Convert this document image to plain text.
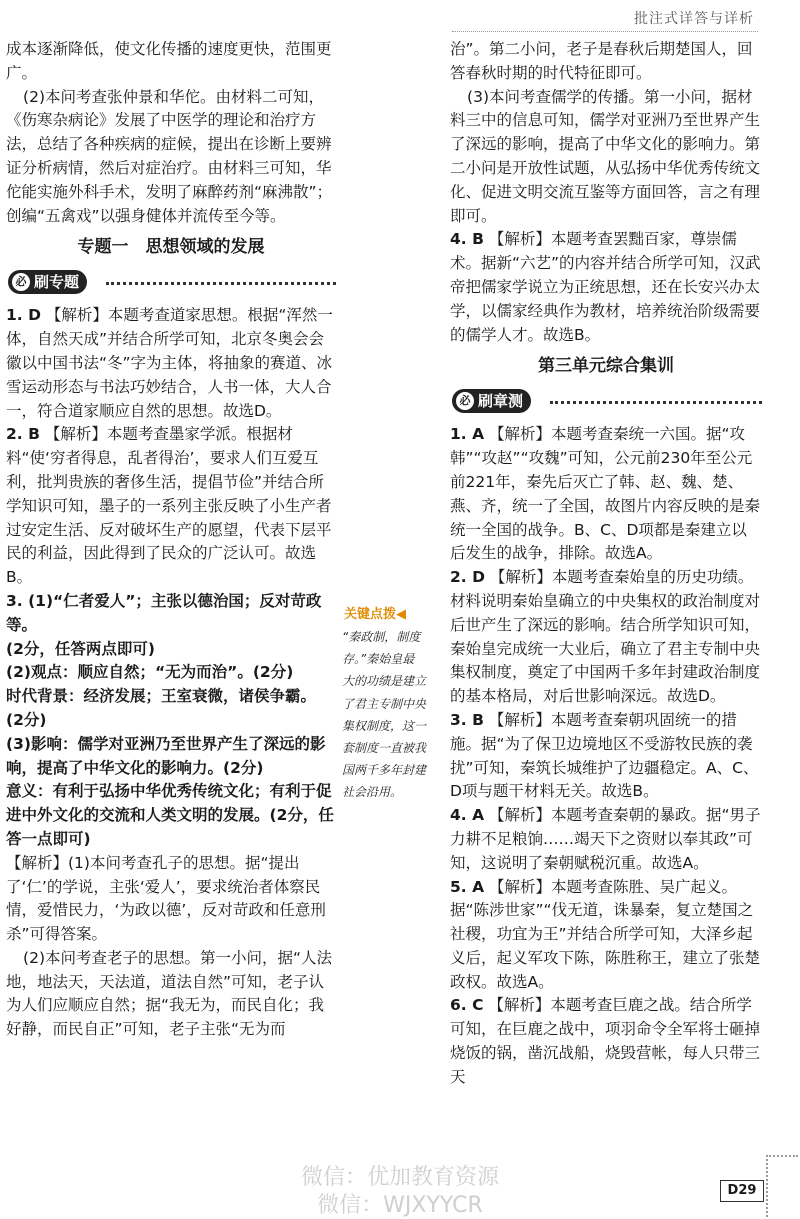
批注式详答与详析

成本逐渐降低，使文化传播的速度更快，范围更广。

(2)本问考查张仲景和华佗。由材料二可知，《伤寒杂病论》发展了中医学的理论和治疗方法，总结了各种疾病的症候，提出在诊断上要辨证分析病情，然后对症治疗。由材料三可知，华佗能实施外科手术，发明了麻醉药剂“麻沸散”；创编“五禽戏”以强身健体并流传至今等。

专题一　思想领域的发展
必 刷专题

1. D 【解析】本题考查道家思想。根据“浑然一体，自然天成”并结合所学可知，北京冬奥会会徽以中国书法“冬”字为主体，将抽象的赛道、冰雪运动形态与书法巧妙结合，人书一体，大人合一，符合道家顺应自然的思想。故选D。

2. B 【解析】本题考查墨家学派。根据材料“使‘穷者得息，乱者得治’，要求人们互爱互利，批判贵族的奢侈生活，提倡节俭”并结合所学知识可知，墨子的一系列主张反映了小生产者过安定生活、反对破坏生产的愿望，代表下层平民的利益，因此得到了民众的广泛认可。故选B。

3. (1)“仁者爱人”；主张以德治国；反对苛政等。

(2分，任答两点即可)

(2)观点：顺应自然；“无为而治”。(2分)

时代背景：经济发展；王室衰微，诸侯争霸。

(2分)

(3)影响：儒学对亚洲乃至世界产生了深远的影响，提高了中华文化的影响力。(2分)

意义：有利于弘扬中华优秀传统文化；有利于促进中外文化的交流和人类文明的发展。(2分，任答一点即可)

【解析】(1)本问考查孔子的思想。据“提出了‘仁’的学说，主张‘爱人’，要求统治者体察民情，爱惜民力，‘为政以德’，反对苛政和任意刑杀”可得答案。

(2)本问考查老子的思想。第一小问，据“人法地，地法天，天法道，道法自然”可知，老子认为人们应顺应自然；据“我无为，而民自化；我好静，而民自正”可知，老子主张“无为而

关键点拨◀
“秦政制，制度存。”秦始皇最大的功绩是建立了君主专制中央集权制度，这一套制度一直被我国两千多年封建社会沿用。

治”。第二小问，老子是春秋后期楚国人，回答春秋时期的时代特征即可。

(3)本问考查儒学的传播。第一小问，据材料三中的信息可知，儒学对亚洲乃至世界产生了深远的影响，提高了中华文化的影响力。第二小问是开放性试题，从弘扬中华优秀传统文化、促进文明交流互鉴等方面回答，言之有理即可。

4. B 【解析】本题考查罢黜百家，尊崇儒术。据新“六艺”的内容并结合所学可知，汉武帝把儒家学说立为正统思想，还在长安兴办太学，以儒家经典作为教材，培养统治阶级需要的儒学人才。故选B。

第三单元综合集训
必 刷章测

1. A 【解析】本题考查秦统一六国。据“攻韩”“攻赵”“攻魏”可知，公元前230年至公元前221年，秦先后灭亡了韩、赵、魏、楚、燕、齐，统一了全国，故图片内容反映的是秦统一全国的战争。B、C、D项都是秦建立以后发生的战争，排除。故选A。

2. D 【解析】本题考查秦始皇的历史功绩。材料说明秦始皇确立的中央集权的政治制度对后世产生了深远的影响。结合所学知识可知，秦始皇完成统一大业后，确立了君主专制中央集权制度，奠定了中国两千多年封建政治制度的基本格局，对后世影响深远。故选D。

3. B 【解析】本题考查秦朝巩固统一的措施。据“为了保卫边境地区不受游牧民族的袭扰”可知，秦筑长城维护了边疆稳定。A、C、D项与题干材料无关。故选B。

4. A 【解析】本题考查秦朝的暴政。据“男子力耕不足粮饷……竭天下之资财以奉其政”可知，这说明了秦朝赋税沉重。故选A。

5. A 【解析】本题考查陈胜、吴广起义。据“陈涉世家”“伐无道，诛暴秦，复立楚国之社稷，功宜为王”并结合所学可知，大泽乡起义后，起义军攻下陈，陈胜称王，建立了张楚政权。故选A。

6. C 【解析】本题考查巨鹿之战。结合所学可知，在巨鹿之战中，项羽命令全军将士砸掉烧饭的锅，凿沉战船，烧毁营帐，每人只带三天

微信：优加教育资源
微信：WJXYYCR
D29
